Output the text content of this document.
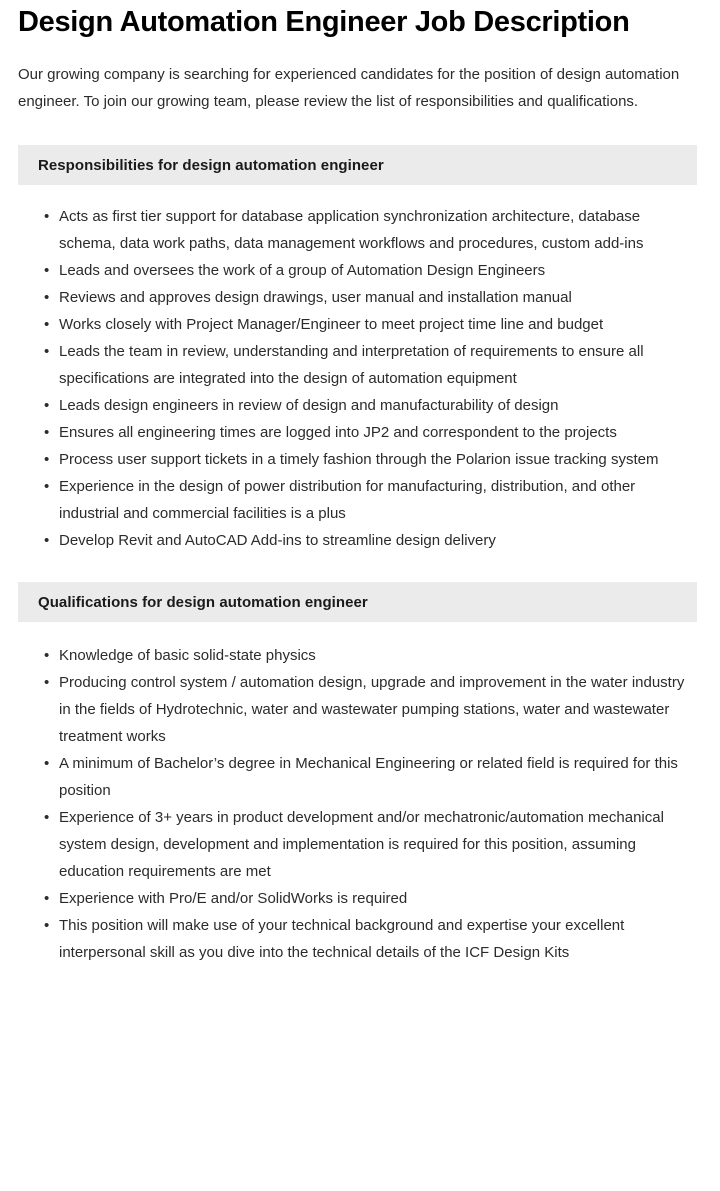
Design Automation Engineer Job Description

Our growing company is searching for experienced candidates for the position of design automation engineer. To join our growing team, please review the list of responsibilities and qualifications.

Responsibilities for design automation engineer
• Acts as first tier support for database application synchronization architecture, database schema, data work paths, data management workflows and procedures, custom add-ins
• Leads and oversees the work of a group of Automation Design Engineers
• Reviews and approves design drawings, user manual and installation manual
• Works closely with Project Manager/Engineer to meet project time line and budget
• Leads the team in review, understanding and interpretation of requirements to ensure all specifications are integrated into the design of automation equipment
• Leads design engineers in review of design and manufacturability of design
• Ensures all engineering times are logged into JP2 and correspondent to the projects
• Process user support tickets in a timely fashion through the Polarion issue tracking system
• Experience in the design of power distribution for manufacturing, distribution, and other industrial and commercial facilities is a plus
• Develop Revit and AutoCAD Add-ins to streamline design delivery
Qualifications for design automation engineer
• Knowledge of basic solid-state physics
• Producing control system / automation design, upgrade and improvement in the water industry in the fields of Hydrotechnic, water and wastewater pumping stations, water and wastewater treatment works
• A minimum of Bachelor’s degree in Mechanical Engineering or related field is required for this position
• Experience of 3+ years in product development and/or mechatronic/automation mechanical system design, development and implementation is required for this position, assuming education requirements are met
• Experience with Pro/E and/or SolidWorks is required
• This position will make use of your technical background and expertise your excellent interpersonal skill as you dive into the technical details of the ICF Design Kits
